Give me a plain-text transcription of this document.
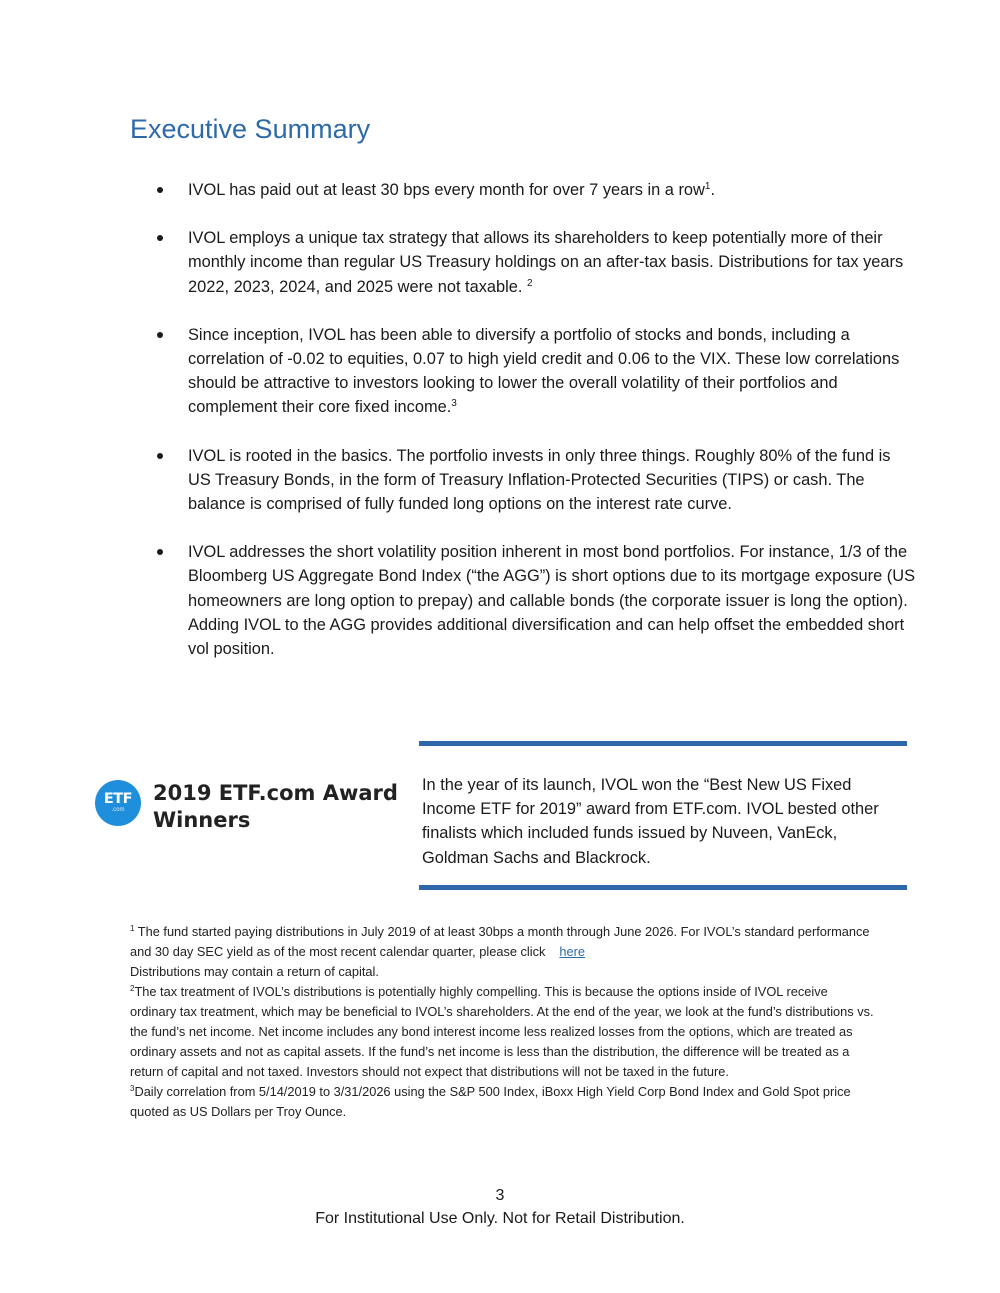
Executive Summary
IVOL has paid out at least 30 bps every month for over 7 years in a row$^1$.
IVOL employs a unique tax strategy that allows its shareholders to keep potentially more of their monthly income than regular US Treasury holdings on an after-tax basis. Distributions for tax years 2022, 2023, 2024, and 2025 were not taxable. $^2$
Since inception, IVOL has been able to diversify a portfolio of stocks and bonds, including a correlation of -0.02 to equities, 0.07 to high yield credit and 0.06 to the VIX. These low correlations should be attractive to investors looking to lower the overall volatility of their portfolios and complement their core fixed income.$^3$
IVOL is rooted in the basics. The portfolio invests in only three things. Roughly 80% of the fund is US Treasury Bonds, in the form of Treasury Inflation-Protected Securities (TIPS) or cash. The balance is comprised of fully funded long options on the interest rate curve.
IVOL addresses the short volatility position inherent in most bond portfolios. For instance, 1/3 of the Bloomberg US Aggregate Bond Index (“the AGG”) is short options due to its mortgage exposure (US homeowners are long option to prepay) and callable bonds (the corporate issuer is long the option). Adding IVOL to the AGG provides additional diversification and can help offset the embedded short vol position.
ETF
.com

2019 ETF.com Award
Winners

In the year of its launch, IVOL won the “Best New US Fixed Income ETF for 2019” award from ETF.com. IVOL bested other finalists which included funds issued by Nuveen, VanEck, Goldman Sachs and Blackrock.

$^1$ The fund started paying distributions in July 2019 of at least 30bps a month through June 2026. For IVOL’s standard performance and 30 day SEC yield as of the most recent calendar quarter, please click here

Distributions may contain a return of capital.

$^2$The tax treatment of IVOL’s distributions is potentially highly compelling. This is because the options inside of IVOL receive ordinary tax treatment, which may be beneficial to IVOL’s shareholders. At the end of the year, we look at the fund’s distributions vs. the fund’s net income. Net income includes any bond interest income less realized losses from the options, which are treated as ordinary assets and not as capital assets. If the fund’s net income is less than the distribution, the difference will be treated as a return of capital and not taxed. Investors should not expect that distributions will not be taxed in the future.

$^3$Daily correlation from 5/14/2019 to 3/31/2026 using the S&P 500 Index, iBoxx High Yield Corp Bond Index and Gold Spot price quoted as US Dollars per Troy Ounce.

3
For Institutional Use Only. Not for Retail Distribution.
